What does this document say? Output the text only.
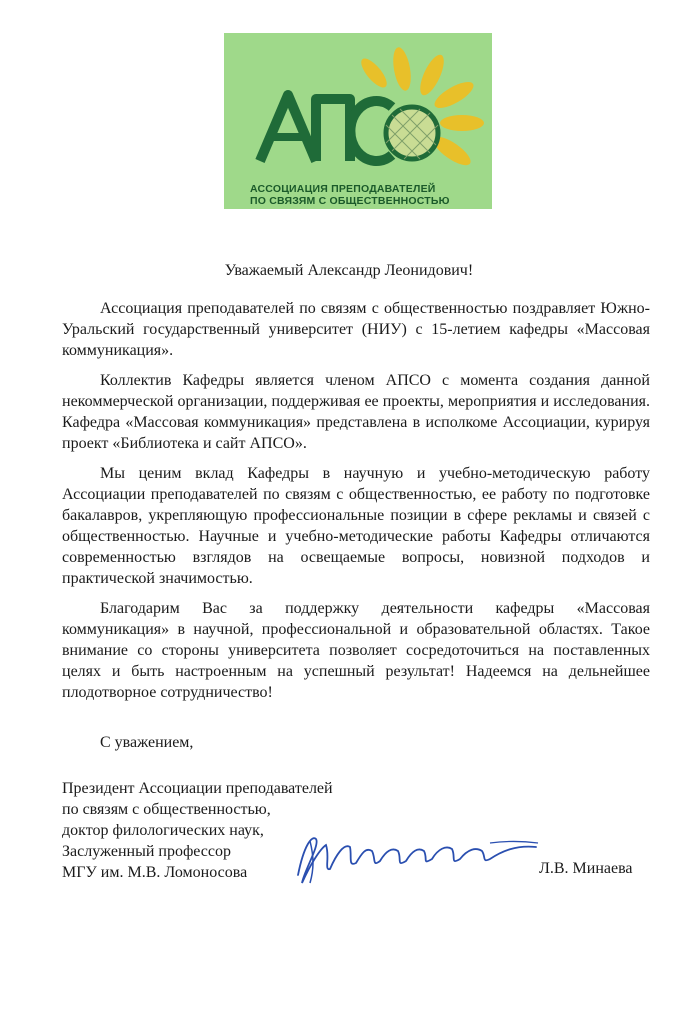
АССОЦИАЦИЯ ПРЕПОДАВАТЕЛЕЙ
ПО СВЯЗЯМ С ОБЩЕСТВЕННОСТЬЮ
Уважаемый Александр Леонидович!

Ассоциация преподавателей по связям с общественностью поздравляет Южно-Уральский государственный университет (НИУ) с 15-летием кафедры «Массовая коммуникация».

Коллектив Кафедры является членом АПСО с момента создания данной некоммерческой организации, поддерживая ее проекты, мероприятия и исследования. Кафедра «Массовая коммуникация» представлена в исполкоме Ассоциации, курируя проект «Библиотека и сайт АПСО».

Мы ценим вклад Кафедры в научную и учебно-методическую работу Ассоциации преподавателей по связям с общественностью, ее работу по подготовке бакалавров, укрепляющую профессиональные позиции в сфере рекламы и связей с общественностью. Научные и учебно-методические работы Кафедры отличаются современностью взглядов на освещаемые вопросы, новизной подходов и практической значимостью.

Благодарим Вас за поддержку деятельности кафедры «Массовая коммуникация» в научной, профессиональной и образовательной областях. Такое внимание со стороны университета позволяет сосредоточиться на поставленных целях и быть настроенным на успешный результат! Надеемся на дельнейшее плодотворное сотрудничество!

С уважением,
Президент Ассоциации преподавателей
по связям с общественностью,
доктор филологических наук,
Заслуженный профессор
МГУ им. М.В. Ломоносова	Л.В. Минаева
